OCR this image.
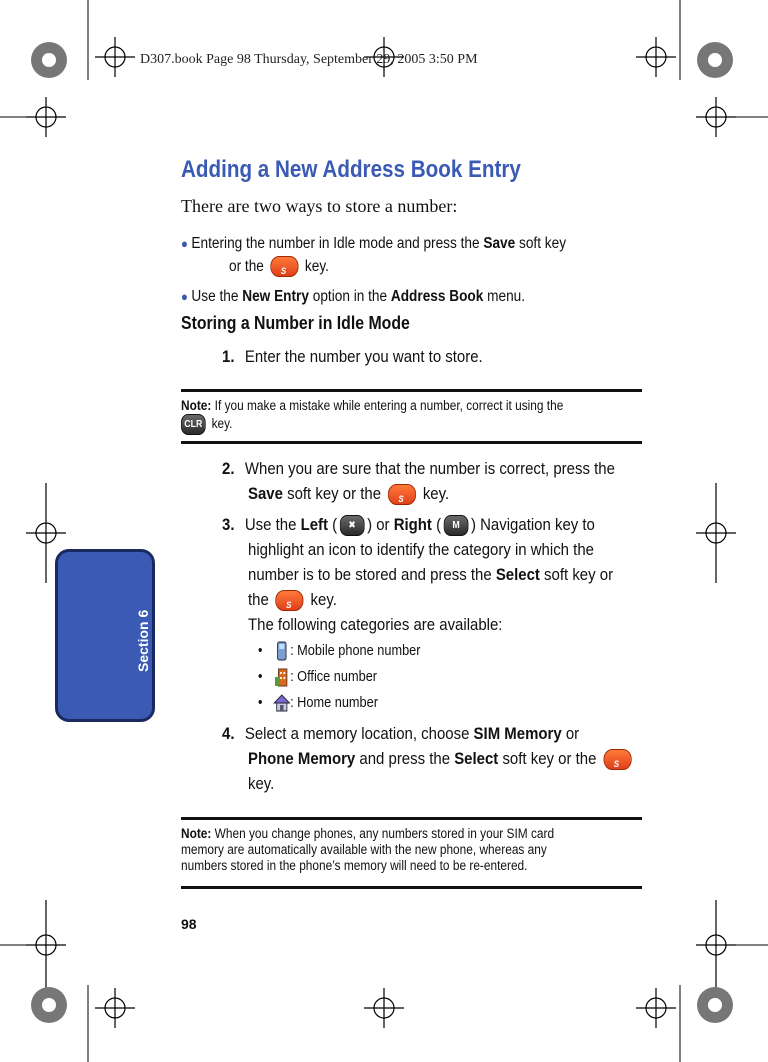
D307.book Page 98 Thursday, September 29, 2005 3:50 PM
Adding a New Address Book Entry
There are two ways to store a number:
● Entering the number in Idle mode and press the Save soft key
or the S key.
● Use the New Entry option in the Address Book menu.
Storing a Number in Idle Mode
1. Enter the number you want to store.
Note: If you make a mistake while entering a number, correct it using the
CLR key.
2. When you are sure that the number is correct, press the
Save soft key or the S key.
3. Use the Left ( ✖ ) or Right ( M ) Navigation key to
highlight an icon to identify the category in which the
number is to be stored and press the Select soft key or
the S key.
The following categories are available:
•   : Mobile phone number
•   : Office number
•   : Home number
4. Select a memory location, choose SIM Memory or
Phone Memory and press the Select soft key or the S
key.
Note: When you change phones, any numbers stored in your SIM card
memory are automatically available with the new phone, whereas any
numbers stored in the phone’s memory will need to be re-entered.
98
Section 6
